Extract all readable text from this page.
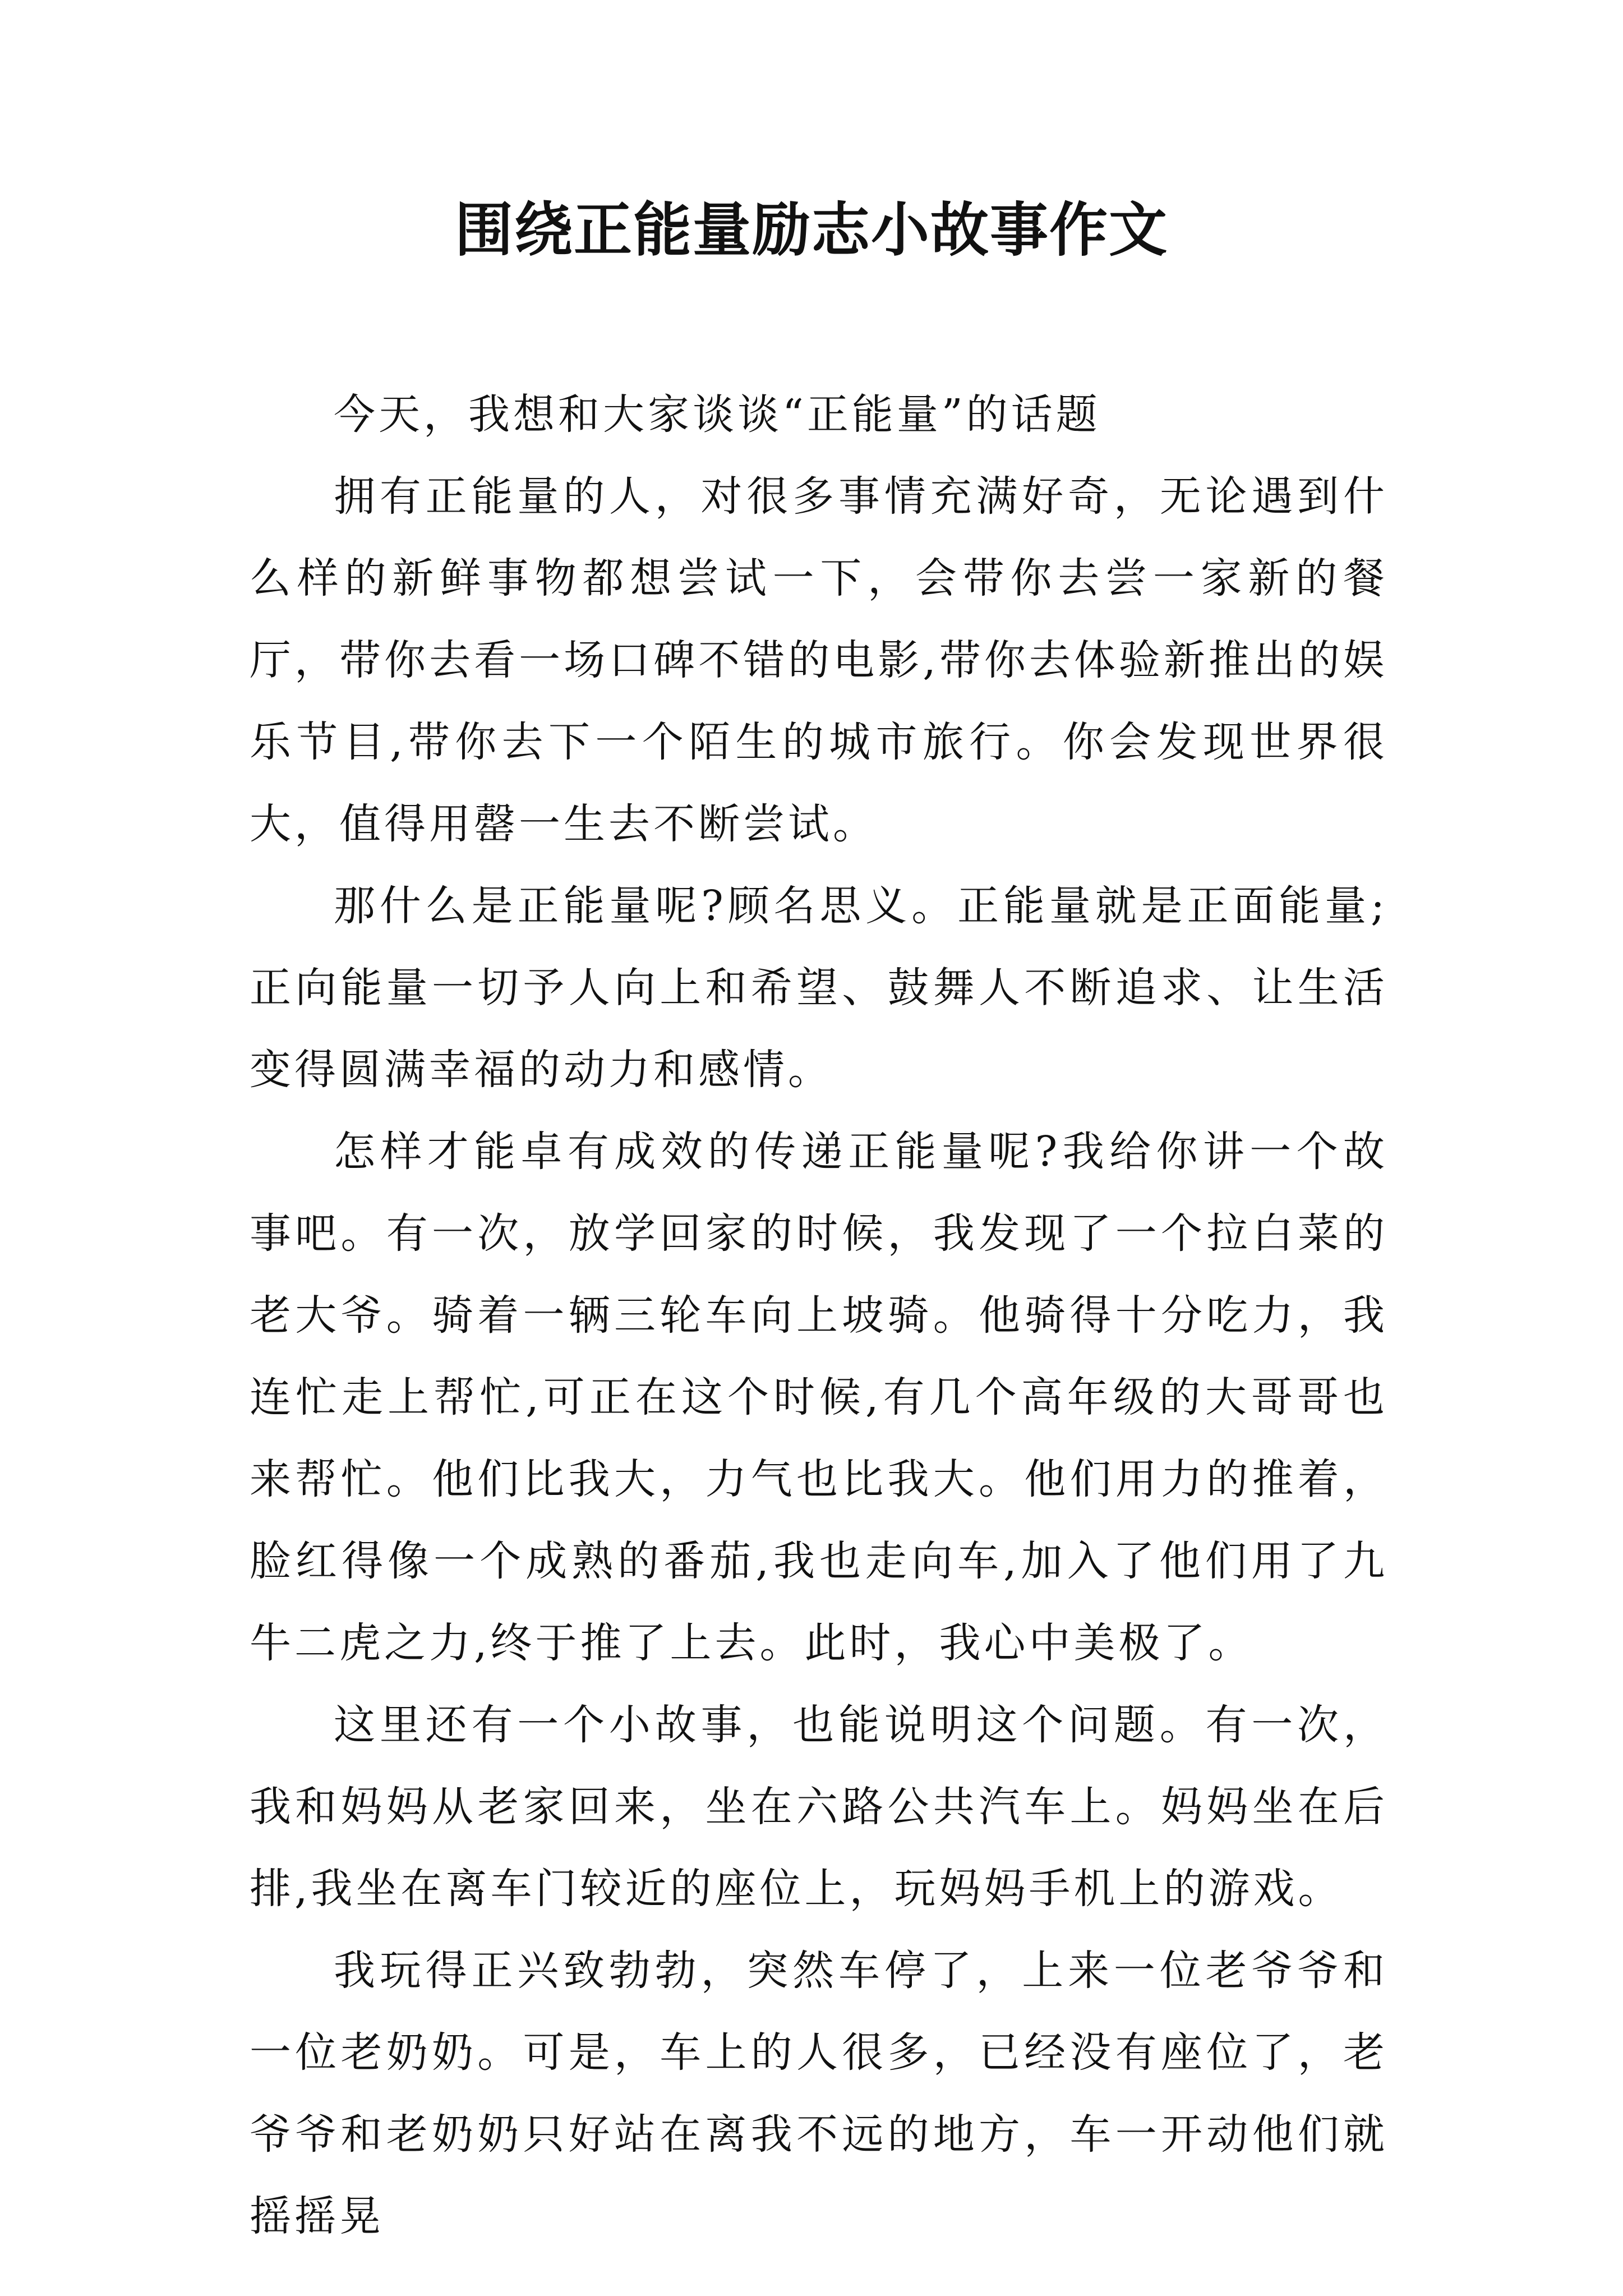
围绕正能量励志小故事作文

今天，我想和大家谈谈“正能量”的话题

拥有正能量的人，对很多事情充满好奇，无论遇到什么样的新鲜事物都想尝试一下，会带你去尝一家新的餐厅，带你去看一场口碑不错的电影,带你去体验新推出的娱乐节目,带你去下一个陌生的城市旅行。你会发现世界很大，值得用罄一生去不断尝试。

那什么是正能量呢?顾名思义。正能量就是正面能量;正向能量一切予人向上和希望、鼓舞人不断追求、让生活变得圆满幸福的动力和感情。

怎样才能卓有成效的传递正能量呢?我给你讲一个故事吧。有一次，放学回家的时候，我发现了一个拉白菜的老大爷。骑着一辆三轮车向上坡骑。他骑得十分吃力，我连忙走上帮忙,可正在这个时候,有几个高年级的大哥哥也来帮忙。他们比我大，力气也比我大。他们用力的推着，脸红得像一个成熟的番茄,我也走向车,加入了他们用了九牛二虎之力,终于推了上去。此时，我心中美极了。

这里还有一个小故事，也能说明这个问题。有一次，我和妈妈从老家回来，坐在六路公共汽车上。妈妈坐在后排,我坐在离车门较近的座位上，玩妈妈手机上的游戏。

我玩得正兴致勃勃，突然车停了，上来一位老爷爷和一位老奶奶。可是，车上的人很多，已经没有座位了，老爷爷和老奶奶只好站在离我不远的地方，车一开动他们就摇摇晃
